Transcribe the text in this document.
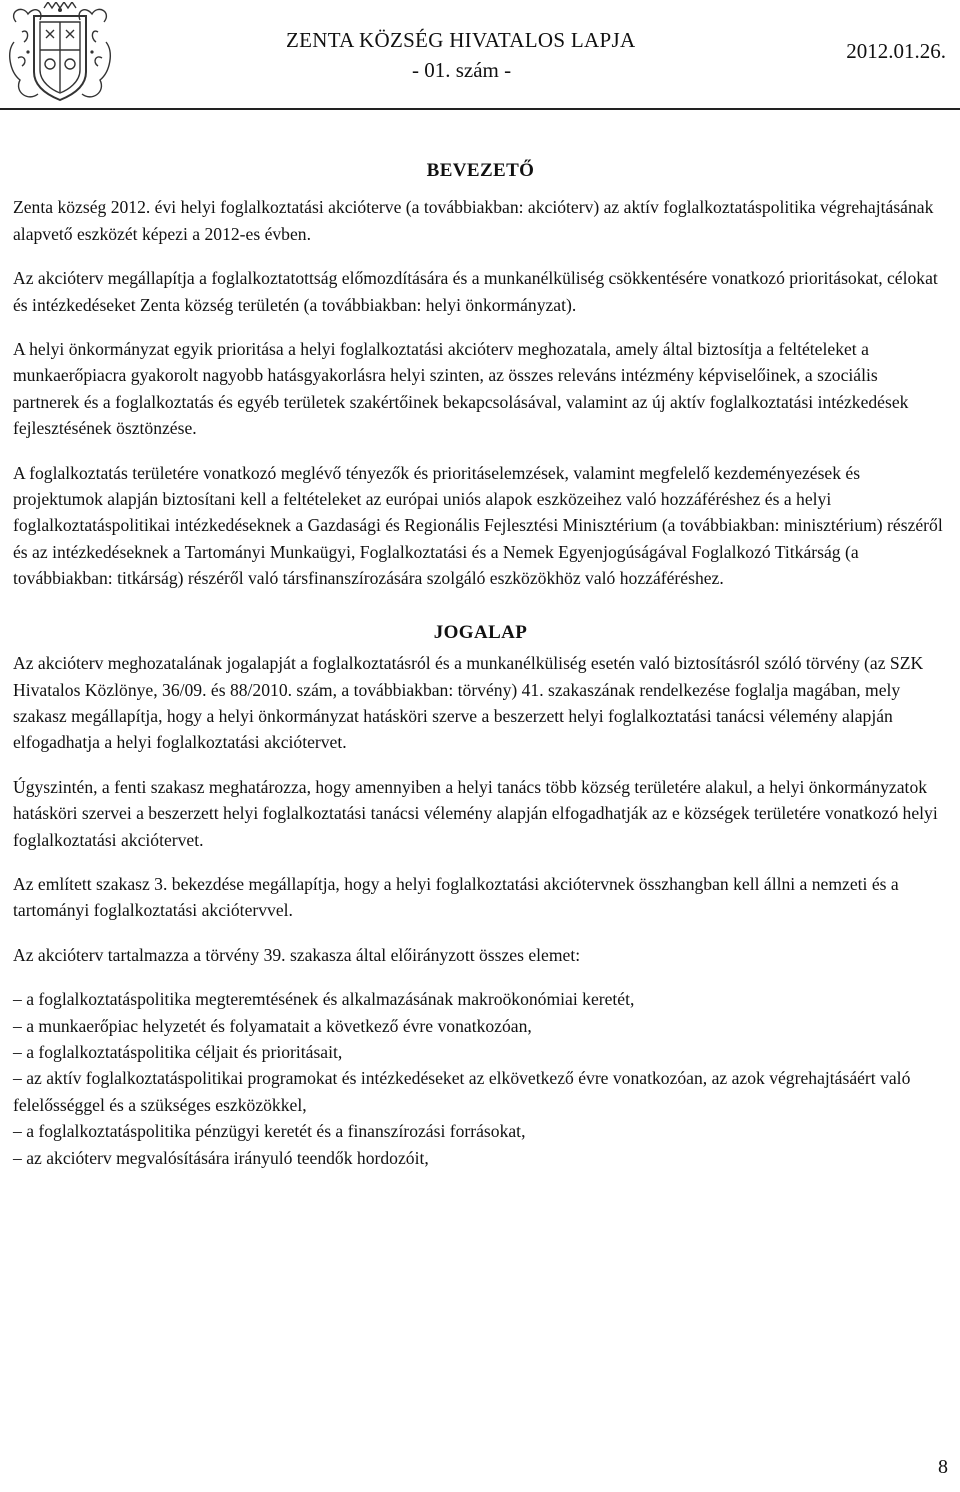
ZENTA KÖZSÉG HIVATALOS LAPJA
- 01. szám -
2012.01.26.
BEVEZETŐ

Zenta község 2012. évi helyi foglalkoztatási akcióterve (a továbbiakban: akcióterv) az aktív foglalkoztatáspolitika végrehajtásának alapvető eszközét képezi a 2012-es évben.

Az akcióterv megállapítja a foglalkoztatottság előmozdítására és a munkanélküliség csökkentésére vonatkozó prioritásokat, célokat és intézkedéseket Zenta község területén (a továbbiakban: helyi önkormányzat).

A helyi önkormányzat egyik prioritása a helyi foglalkoztatási akcióterv meghozatala, amely által biztosítja a feltételeket a munkaerőpiacra gyakorolt nagyobb hatásgyakorlásra helyi szinten, az összes releváns intézmény képviselőinek, a szociális partnerek és a foglalkoztatás és egyéb területek szakértőinek bekapcsolásával, valamint az új aktív foglalkoztatási intézkedések fejlesztésének ösztönzése.

A foglalkoztatás területére vonatkozó meglévő tényezők és prioritáselemzések, valamint megfelelő kezdeményezések és projektumok alapján biztosítani kell a feltételeket az európai uniós alapok eszközeihez való hozzáféréshez és a helyi foglalkoztatáspolitikai intézkedéseknek a Gazdasági és Regionális Fejlesztési Minisztérium (a továbbiakban: minisztérium) részéről és az intézkedéseknek a Tartományi Munkaügyi, Foglalkoztatási és a Nemek Egyenjogúságával Foglalkozó Titkárság (a továbbiakban: titkárság) részéről való társfinanszírozására szolgáló eszközökhöz való hozzáféréshez.

JOGALAP

Az akcióterv meghozatalának jogalapját a foglalkoztatásról és a munkanélküliség esetén való biztosításról szóló törvény (az SZK Hivatalos Közlönye, 36/09. és 88/2010. szám, a továbbiakban: törvény) 41. szakaszának rendelkezése foglalja magában, mely szakasz megállapítja, hogy a helyi önkormányzat hatásköri szerve a beszerzett helyi foglalkoztatási tanácsi vélemény alapján elfogadhatja a helyi foglalkoztatási akciótervet.

Úgyszintén, a fenti szakasz meghatározza, hogy amennyiben a helyi tanács több község területére alakul, a helyi önkormányzatok hatásköri szervei a beszerzett helyi foglalkoztatási tanácsi vélemény alapján elfogadhatják az e községek területére vonatkozó helyi foglalkoztatási akciótervet.

Az említett szakasz 3. bekezdése megállapítja, hogy a helyi foglalkoztatási akciótervnek összhangban kell állni a nemzeti és a tartományi foglalkoztatási akciótervvel.

Az akcióterv tartalmazza a törvény 39. szakasza által előirányzott összes elemet:

– a foglalkoztatáspolitika megteremtésének és alkalmazásának makroökonómiai keretét,
– a munkaerőpiac helyzetét és folyamatait a következő évre vonatkozóan,
– a foglalkoztatáspolitika céljait és prioritásait,
– az aktív foglalkoztatáspolitikai programokat és intézkedéseket az elkövetkező évre vonatkozóan, az azok végrehajtásáért való felelősséggel és a szükséges eszközökkel,
– a foglalkoztatáspolitika pénzügyi keretét és a finanszírozási forrásokat,
– az akcióterv megvalósítására irányuló teendők hordozóit,
8
